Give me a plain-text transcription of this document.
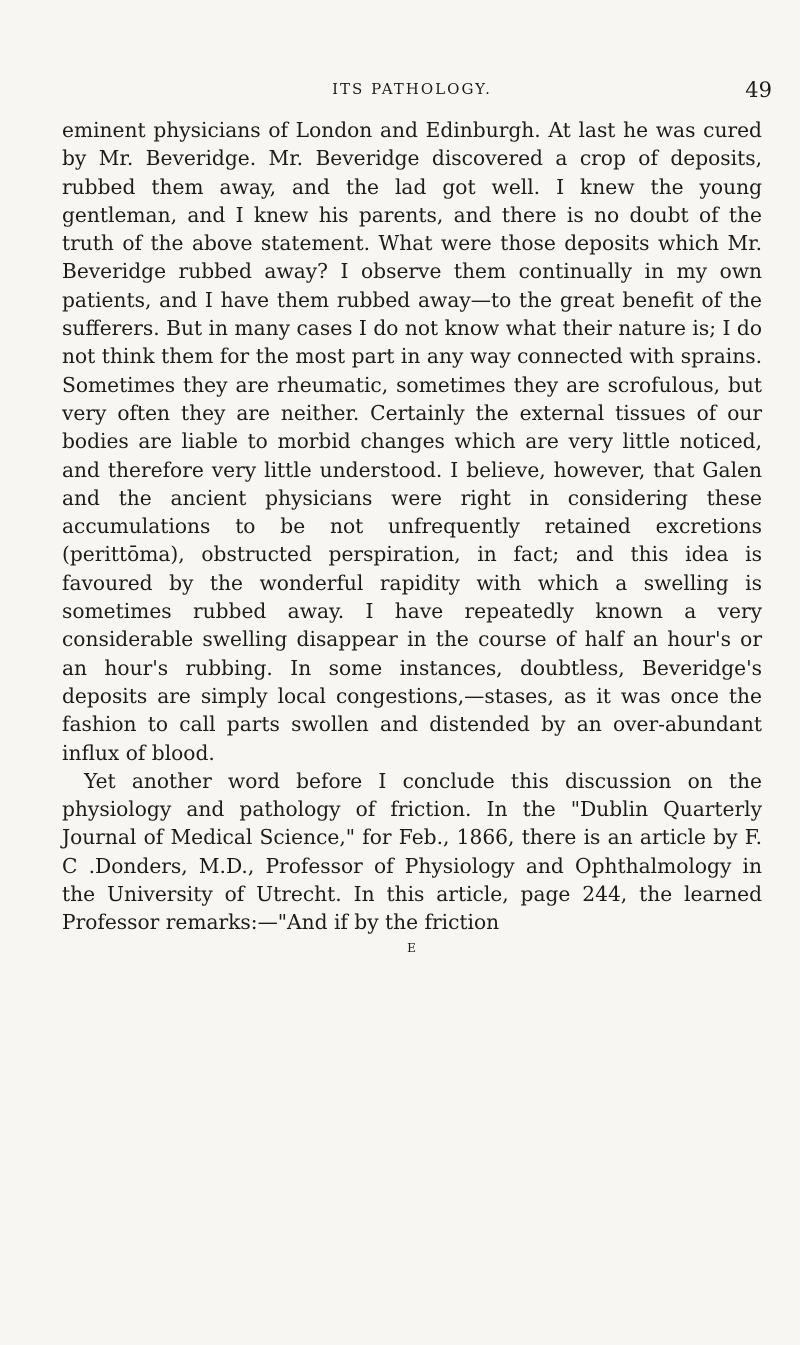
ITS PATHOLOGY.	49

eminent physicians of London and Edinburgh. At last he was cured by Mr. Beveridge. Mr. Beveridge discovered a crop of deposits, rubbed them away, and the lad got well. I knew the young gentleman, and I knew his parents, and there is no doubt of the truth of the above statement. What were those deposits which Mr. Beveridge rubbed away? I observe them continually in my own patients, and I have them rubbed away—to the great benefit of the sufferers. But in many cases I do not know what their nature is; I do not think them for the most part in any way connected with sprains. Sometimes they are rheumatic, sometimes they are scrofulous, but very often they are neither. Certainly the external tissues of our bodies are liable to morbid changes which are very little noticed, and therefore very little understood. I believe, however, that Galen and the ancient physicians were right in considering these accumulations to be not unfrequently retained excretions (perittōma), obstructed perspiration, in fact; and this idea is favoured by the wonderful rapidity with which a swelling is sometimes rubbed away. I have repeatedly known a very considerable swelling disappear in the course of half an hour's or an hour's rubbing. In some instances, doubtless, Beveridge's deposits are simply local congestions,—stases, as it was once the fashion to call parts swollen and distended by an over-abundant influx of blood.

Yet another word before I conclude this discussion on the physiology and pathology of friction. In the "Dublin Quarterly Journal of Medical Science," for Feb., 1866, there is an article by F. C .Donders, M.D., Professor of Physiology and Ophthalmology in the University of Utrecht. In this article, page 244, the learned Professor remarks:—"And if by the friction

E
